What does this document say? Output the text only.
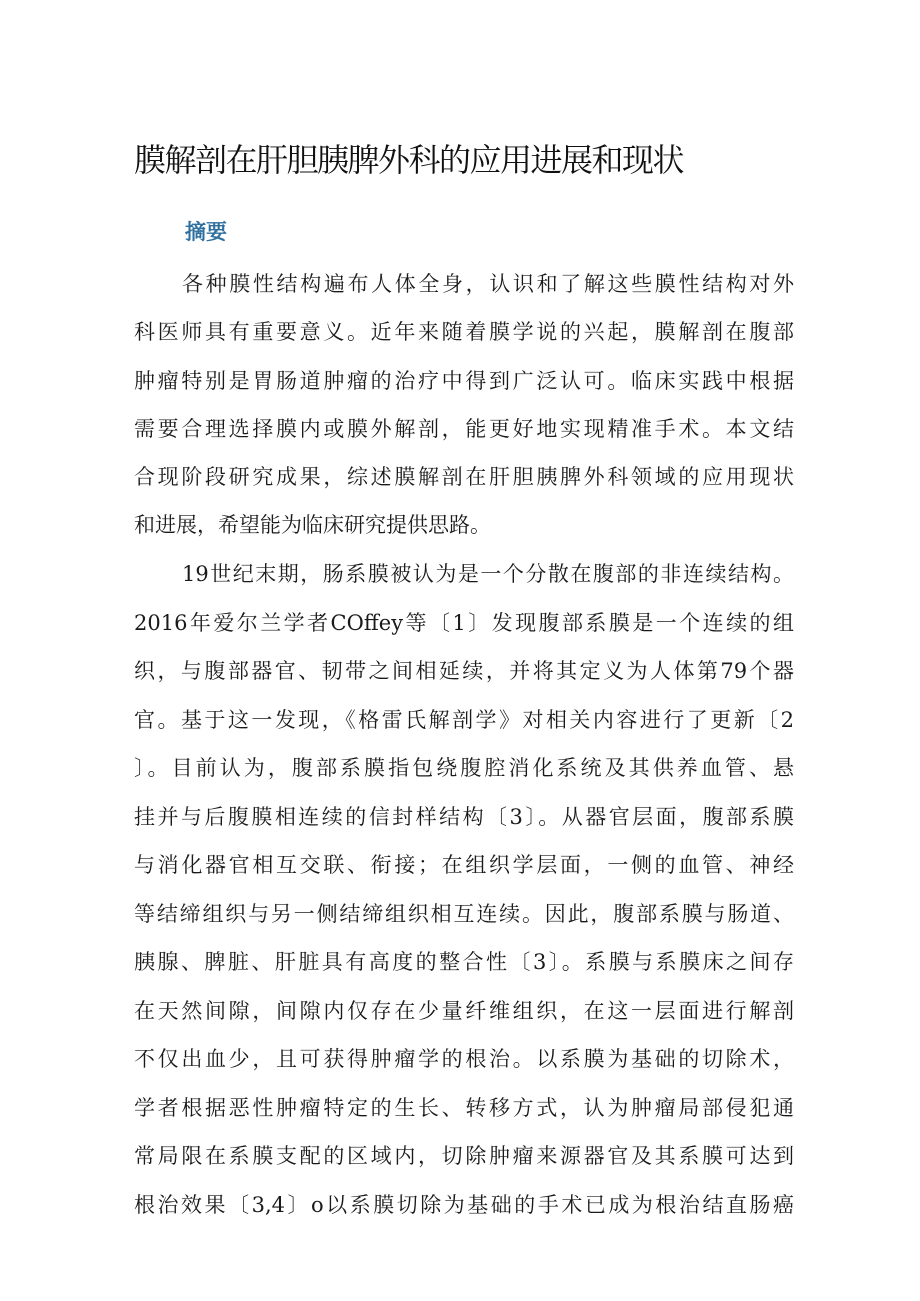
膜解剖在肝胆胰脾外科的应用进展和现状
摘要
各种膜性结构遍布人体全身，认识和了解这些膜性结构对外
科医师具有重要意义。近年来随着膜学说的兴起，膜解剖在腹部
肿瘤特别是胃肠道肿瘤的治疗中得到广泛认可。临床实践中根据
需要合理选择膜内或膜外解剖，能更好地实现精准手术。本文结
合现阶段研究成果，综述膜解剖在肝胆胰脾外科领域的应用现状
和进展，希望能为临床研究提供思路。
19世纪末期，肠系膜被认为是一个分散在腹部的非连续结构。
2016年爱尔兰学者COffey等〔1〕发现腹部系膜是一个连续的组
织，与腹部器官、韧带之间相延续，并将其定义为人体第79个器
官。基于这一发现，《格雷氏解剖学》对相关内容进行了更新〔2
〕。目前认为，腹部系膜指包绕腹腔消化系统及其供养血管、悬
挂并与后腹膜相连续的信封样结构〔3〕。从器官层面，腹部系膜
与消化器官相互交联、衔接；在组织学层面，一侧的血管、神经
等结缔组织与另一侧结缔组织相互连续。因此，腹部系膜与肠道、
胰腺、脾脏、肝脏具有高度的整合性〔3〕。系膜与系膜床之间存
在天然间隙，间隙内仅存在少量纤维组织，在这一层面进行解剖
不仅出血少，且可获得肿瘤学的根治。以系膜为基础的切除术，
学者根据恶性肿瘤特定的生长、转移方式，认为肿瘤局部侵犯通
常局限在系膜支配的区域内，切除肿瘤来源器官及其系膜可达到
根治效果〔3,4〕o以系膜切除为基础的手术已成为根治结直肠癌
